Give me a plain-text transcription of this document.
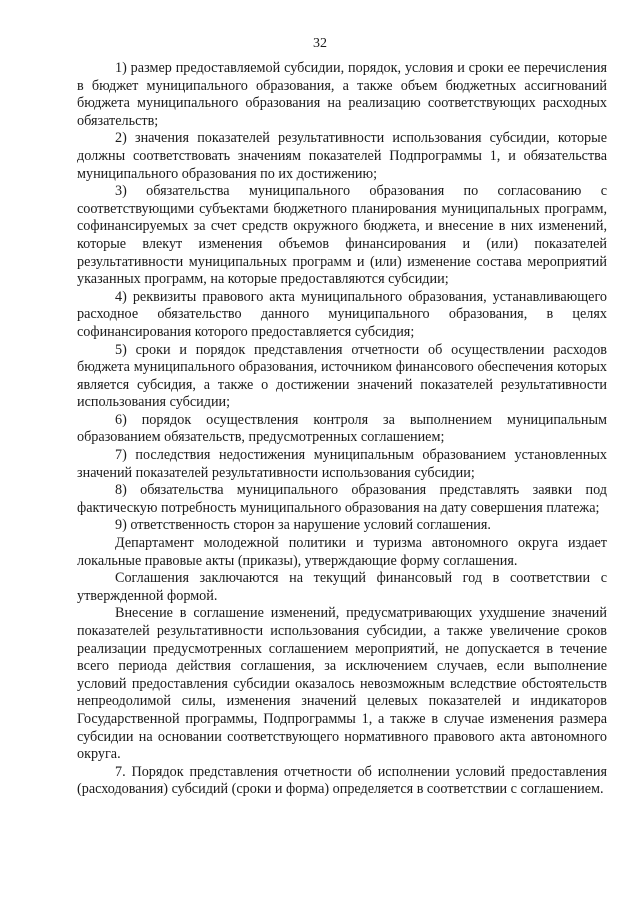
32

1) размер предоставляемой субсидии, порядок, условия и сроки ее перечисления в бюджет муниципального образования, а также объем бюджетных ассигнований бюджета муниципального образования на реализацию соответствующих расходных обязательств;

2) значения показателей результативности использования субсидии, которые должны соответствовать значениям показателей Подпрограммы 1, и обязательства муниципального образования по их достижению;

3) обязательства муниципального образования по согласованию с соответствующими субъектами бюджетного планирования муниципальных программ, софинансируемых за счет средств окружного бюджета, и внесение в них изменений, которые влекут изменения объемов финансирования и (или) показателей результативности муниципальных программ и (или) изменение состава мероприятий указанных программ, на которые предоставляются субсидии;

4) реквизиты правового акта муниципального образования, устанавливающего расходное обязательство данного муниципального образования, в целях софинансирования которого предоставляется субсидия;

5) сроки и порядок представления отчетности об осуществлении расходов бюджета муниципального образования, источником финансового обеспечения которых является субсидия, а также о достижении значений показателей результативности использования субсидии;

6) порядок осуществления контроля за выполнением муниципальным образованием обязательств, предусмотренных соглашением;

7) последствия недостижения муниципальным образованием установленных значений показателей результативности использования субсидии;

8) обязательства муниципального образования представлять заявки под фактическую потребность муниципального образования на дату совершения платежа;

9) ответственность сторон за нарушение условий соглашения.

Департамент молодежной политики и туризма автономного округа издает локальные правовые акты (приказы), утверждающие форму соглашения.

Соглашения заключаются на текущий финансовый год в соответствии с утвержденной формой.

Внесение в соглашение изменений, предусматривающих ухудшение значений показателей результативности использования субсидии, а также увеличение сроков реализации предусмотренных соглашением мероприятий, не допускается в течение всего периода действия соглашения, за исключением случаев, если выполнение условий предоставления субсидии оказалось невозможным вследствие обстоятельств непреодолимой силы, изменения значений целевых показателей и индикаторов Государственной программы, Подпрограммы 1, а также в случае изменения размера субсидии на основании соответствующего нормативного правового акта автономного округа.

7. Порядок представления отчетности об исполнении условий предоставления (расходования) субсидий (сроки и форма) определяется в соответствии с соглашением.
